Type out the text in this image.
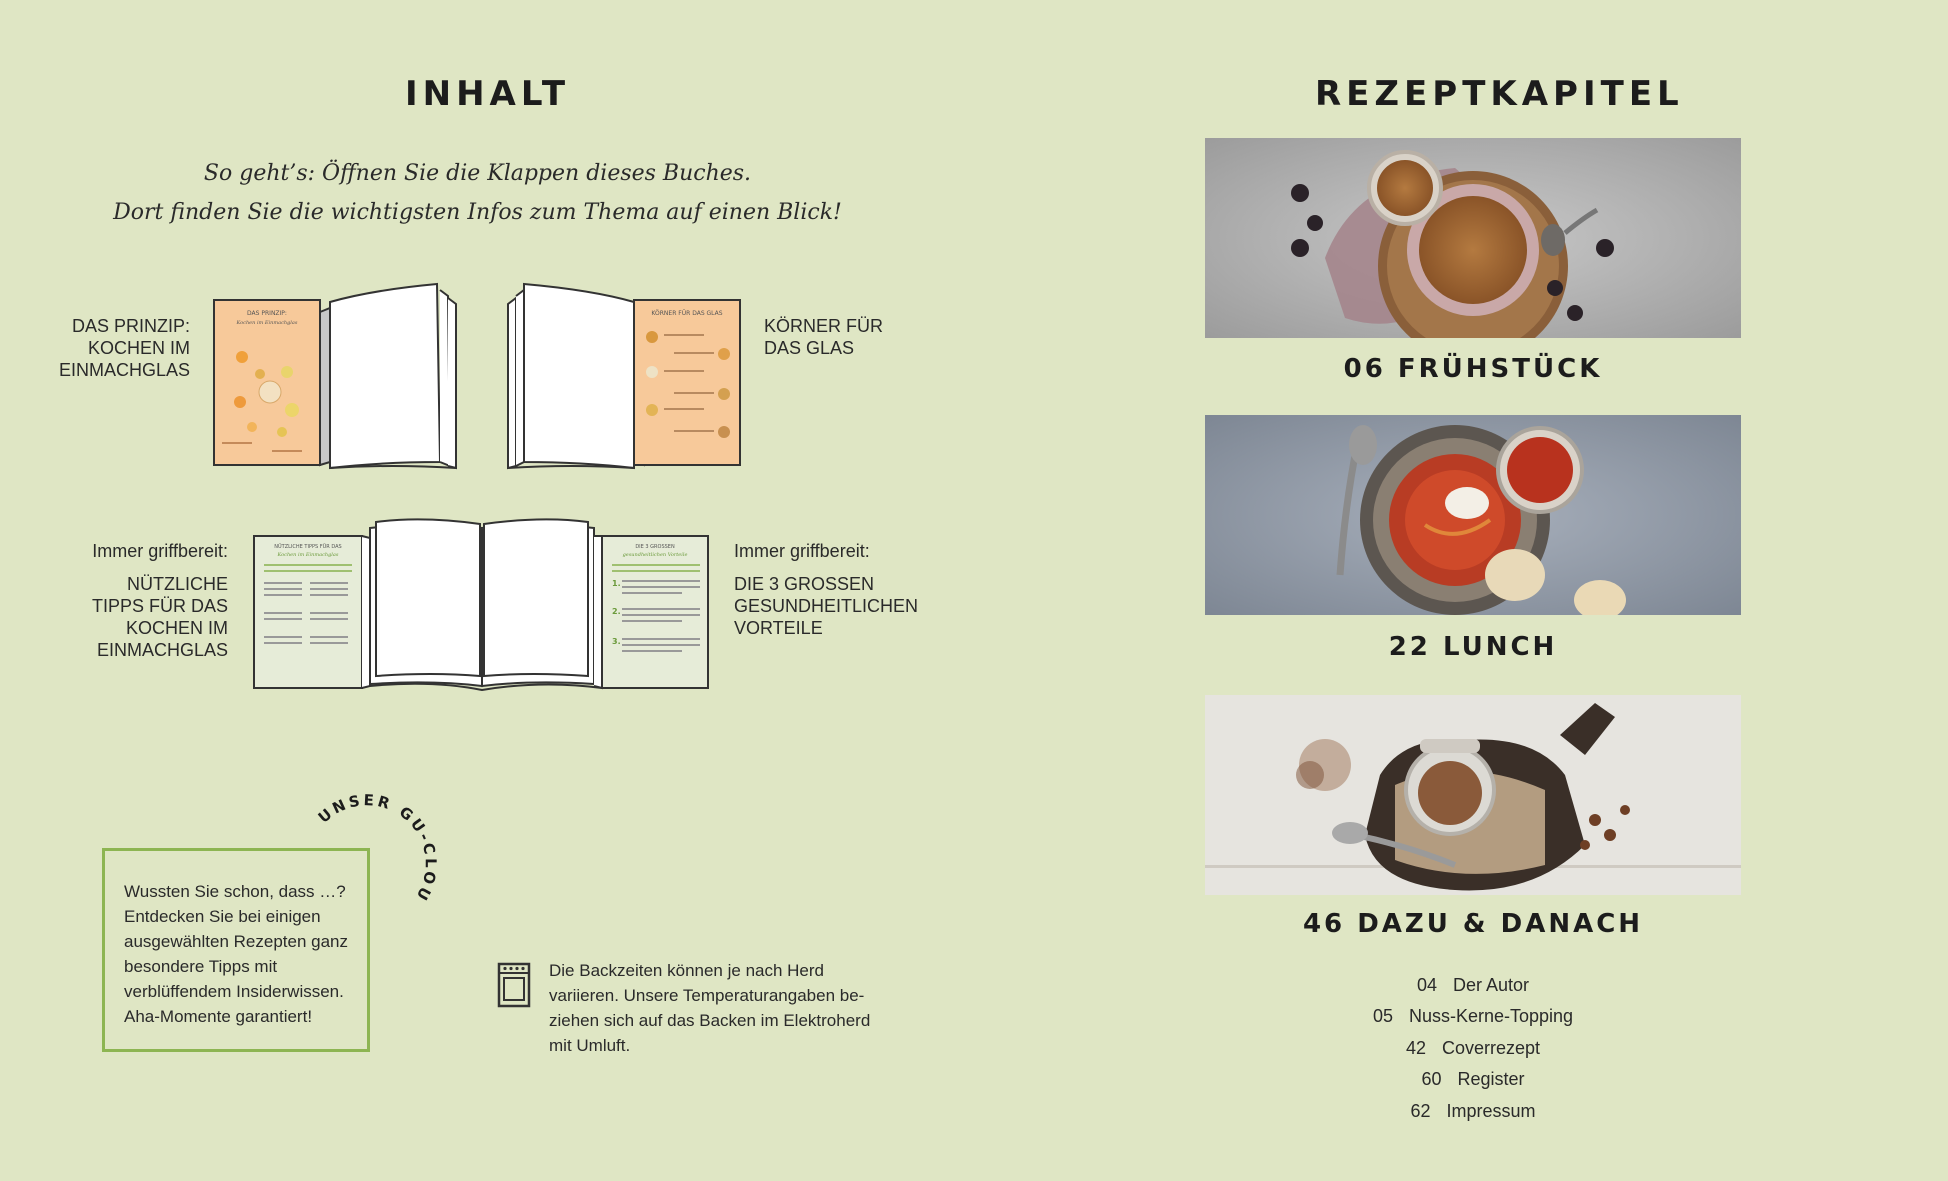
INHALT
So geht’s: Öffnen Sie die Klappen dieses Buches.
Dort finden Sie die wichtigsten Infos zum Thema auf einen Blick!
DAS PRINZIP:
KOCHEN IM
EINMACHGLAS
DAS PRINZIP:
Kochen im Einmachglas
KÖRNER FÜR DAS GLAS
KÖRNER FÜR
DAS GLAS
Immer griffbereit:
NÜTZLICHE
TIPPS FÜR DAS
KOCHEN IM
EINMACHGLAS
NÜTZLICHE TIPPS FÜR DAS
Kochen im Einmachglas
DIE 3 GROSSEN
gesundheitlichen Vorteile
1.
2.
3.
Immer griffbereit:
DIE 3 GROSSEN
GESUNDHEITLICHEN
VORTEILE
UNSER GU-CLOU
Wussten Sie schon, dass …?
Entdecken Sie bei einigen
ausgewählten Rezepten ganz
besondere Tipps mit
verblüffendem Insiderwissen.
Aha-Momente garantiert!
Die Backzeiten können je nach Herd
variieren. Unsere Temperaturangaben be-
ziehen sich auf das Backen im Elektroherd
mit Umluft.
REZEPTKAPITEL
06 FRÜHSTÜCK
22 LUNCH
46 DAZU & DANACH
04 Der Autor
05 Nuss-Kerne-Topping
42 Coverrezept
60 Register
62 Impressum
